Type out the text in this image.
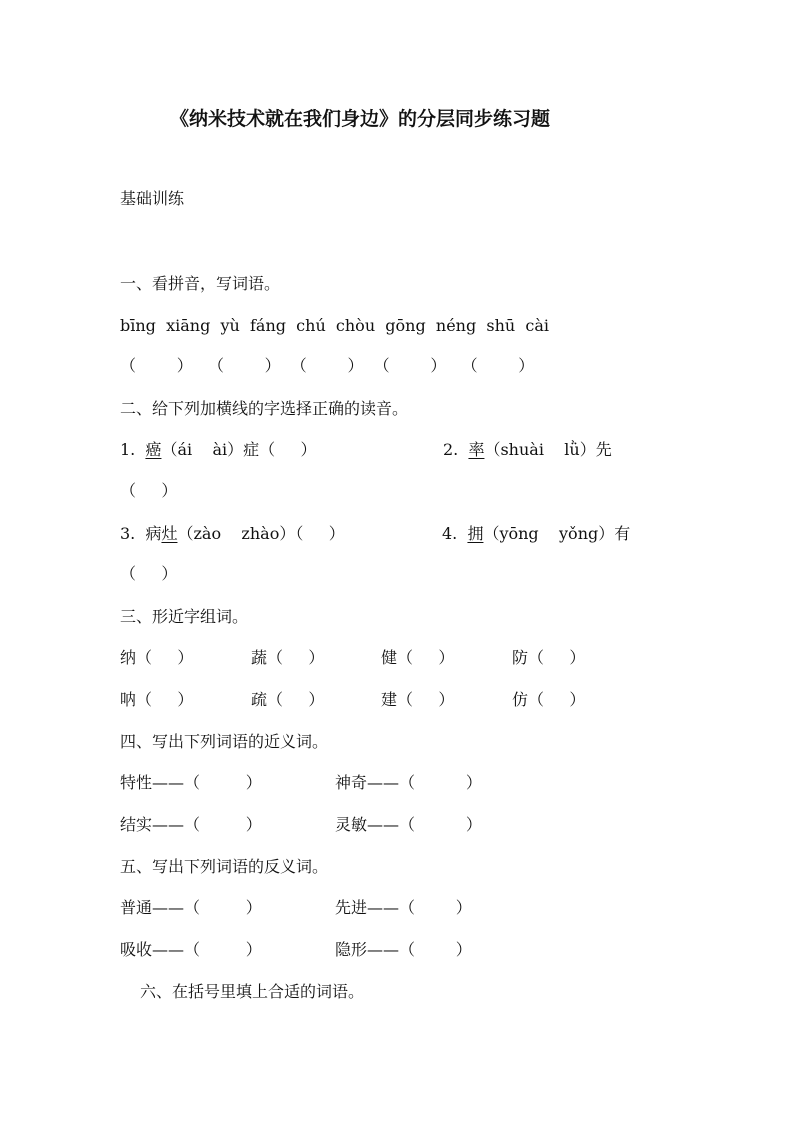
《纳米技术就在我们身边》的分层同步练习题
基础训练
一、看拼音，写词语。
bīng  xiāng  yù  fáng  chú  chòu  gōng  néng  shū  cài
（        ）   （        ）  （        ）  （        ）   （        ）
二、给下列加横线的字选择正确的读音。
1. 癌（ái    ài）症（     ）	2. 率（shuài    lǜ）先
（     ）
3. 病灶（zào    zhào）（     ）	4. 拥（yōng    yǒng）有
（     ）
三、形近字组词。
纳（     ）	蔬（     ）	健（     ）	防（     ）
呐（     ）	疏（     ）	建（     ）	仿（     ）
四、写出下列词语的近义词。
特性——（         ）	神奇——（          ）
结实——（         ）	灵敏——（          ）
五、写出下列词语的反义词。
普通——（         ）	先进——（        ）
吸收——（         ）	隐形——（        ）
六、在括号里填上合适的词语。
